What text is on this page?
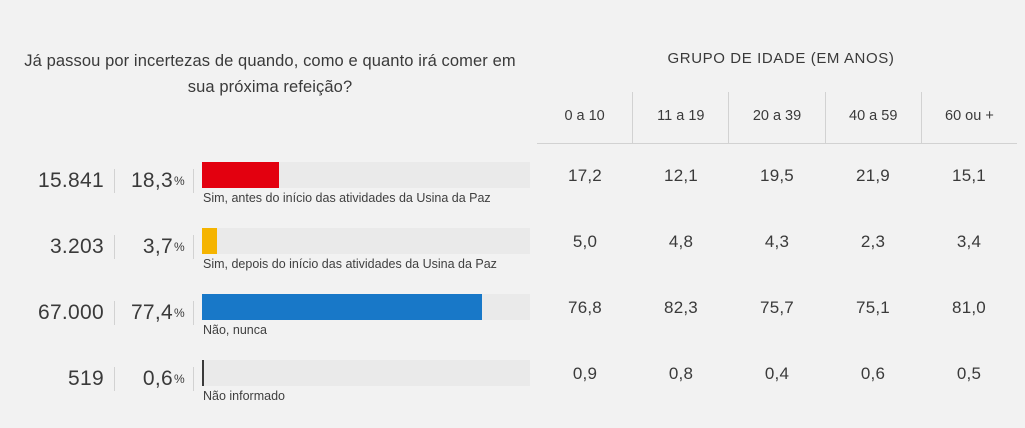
Já passou por incertezas de quando, como e quanto irá comer em sua próxima refeição?
15.841	18,3%
Sim, antes do início das atividades da Usina da Paz
3.203	3,7%
Sim, depois do início das atividades da Usina da Paz
67.000	77,4%
Não, nunca
519	0,6%
Não informado
GRUPO DE IDADE (EM ANOS)
0 a 10	11 a 19	20 a 39	40 a 59	60 ou +
17,2	12,1	19,5	21,9	15,1
5,0	4,8	4,3	2,3	3,4
76,8	82,3	75,7	75,1	81,0
0,9	0,8	0,4	0,6	0,5
